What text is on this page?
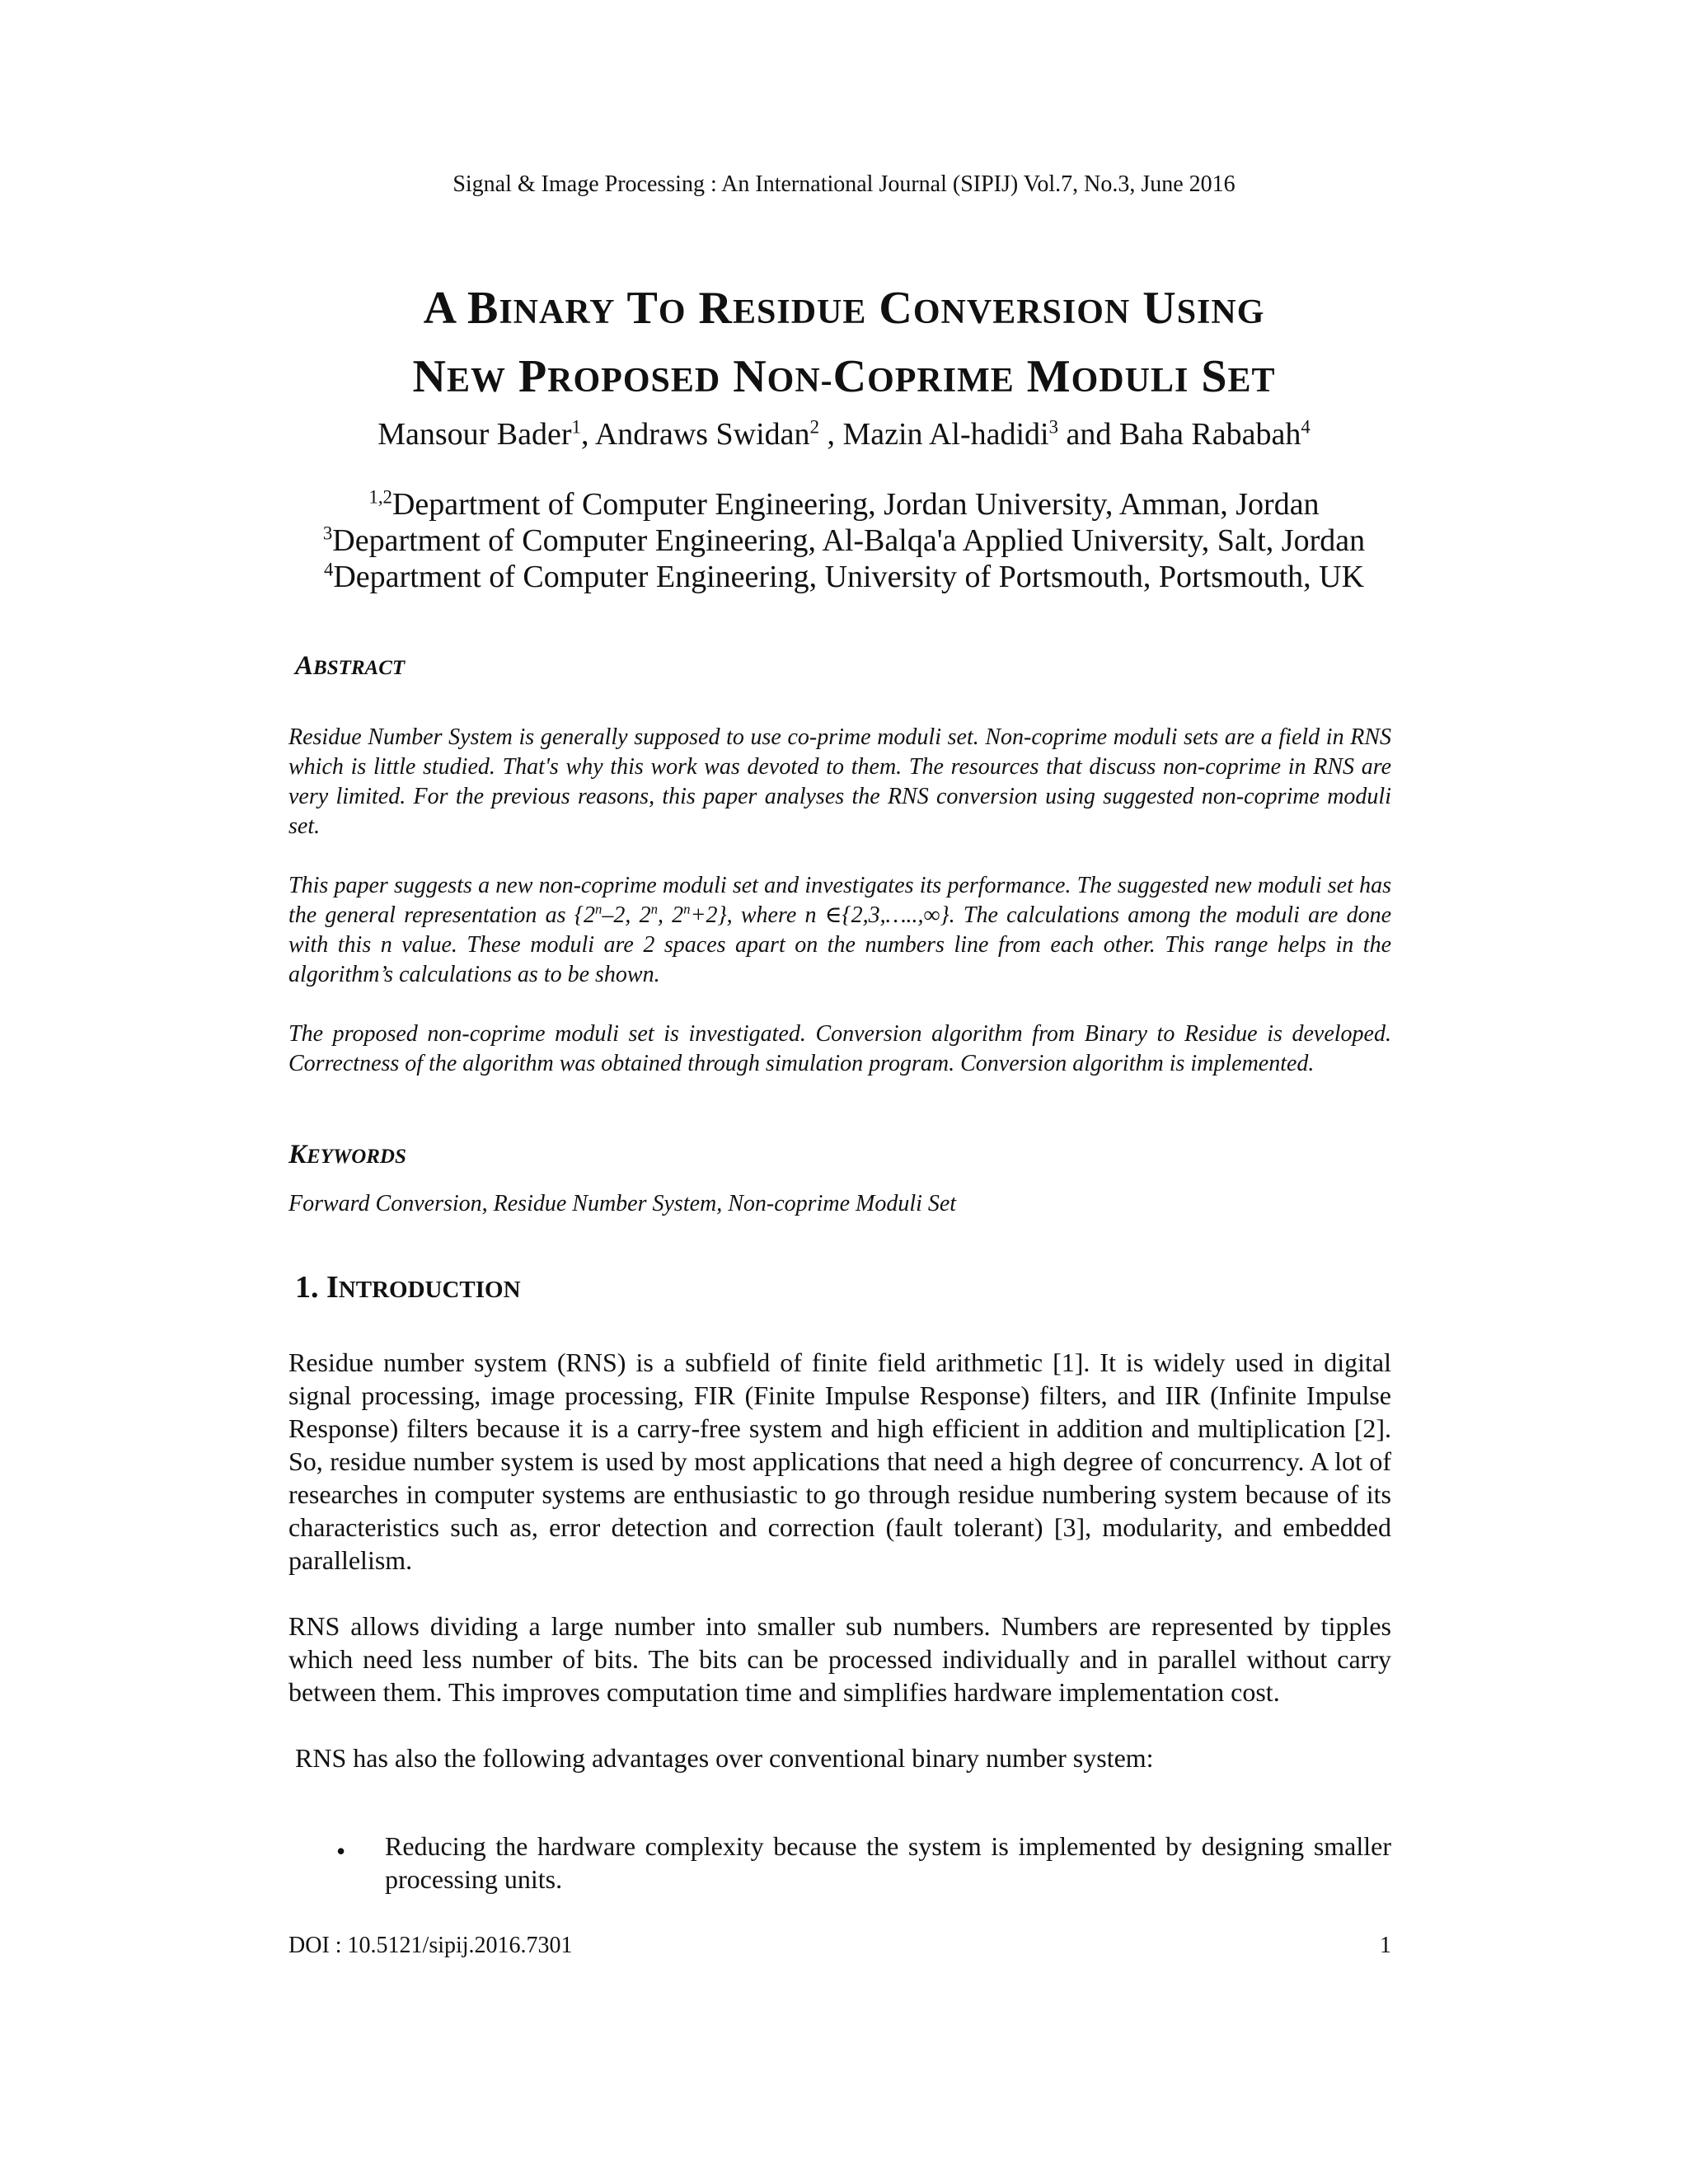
Signal & Image Processing : An International Journal (SIPIJ) Vol.7, No.3, June 2016
A BINARY TO RESIDUE CONVERSION USING
NEW PROPOSED NON-COPRIME MODULI SET
Mansour Bader$^1$, Andraws Swidan$^2$ , Mazin Al-hadidi$^3$ and Baha Rababah$^4$
$^{1,2}$Department of Computer Engineering, Jordan University, Amman, Jordan
$^3$Department of Computer Engineering, Al-Balqa'a Applied University, Salt, Jordan
$^4$Department of Computer Engineering, University of Portsmouth, Portsmouth, UK
ABSTRACT

Residue Number System is generally supposed to use co-prime moduli set. Non-coprime moduli sets are a field in RNS which is little studied. That's why this work was devoted to them. The resources that discuss non-coprime in RNS are very limited. For the previous reasons, this paper analyses the RNS conversion using suggested non-coprime moduli set.

This paper suggests a new non-coprime moduli set and investigates its performance. The suggested new moduli set has the general representation as {2$^n$–2, 2$^n$, $2^n+2$}, where n ∈{2,3,…..,∞}. The calculations among the moduli are done with this n value. These moduli are 2 spaces apart on the numbers line from each other. This range helps in the algorithm’s calculations as to be shown.

The proposed non-coprime moduli set is investigated. Conversion algorithm from Binary to Residue is developed. Correctness of the algorithm was obtained through simulation program. Conversion algorithm is implemented.

KEYWORDS
Forward Conversion, Residue Number System, Non-coprime Moduli Set
1. INTRODUCTION

Residue number system (RNS) is a subfield of finite field arithmetic [1]. It is widely used in digital signal processing, image processing, FIR (Finite Impulse Response) filters, and IIR (Infinite Impulse Response) filters because it is a carry-free system and high efficient in addition and multiplication [2]. So, residue number system is used by most applications that need a high degree of concurrency. A lot of researches in computer systems are enthusiastic to go through residue numbering system because of its characteristics such as, error detection and correction (fault tolerant) [3], modularity, and embedded parallelism.

RNS allows dividing a large number into smaller sub numbers. Numbers are represented by tipples which need less number of bits. The bits can be processed individually and in parallel without carry between them. This improves computation time and simplifies hardware implementation cost.

RNS has also the following advantages over conventional binary number system:

• Reducing the hardware complexity because the system is implemented by designing smaller processing units.
DOI : 10.5121/sipij.2016.7301	1
